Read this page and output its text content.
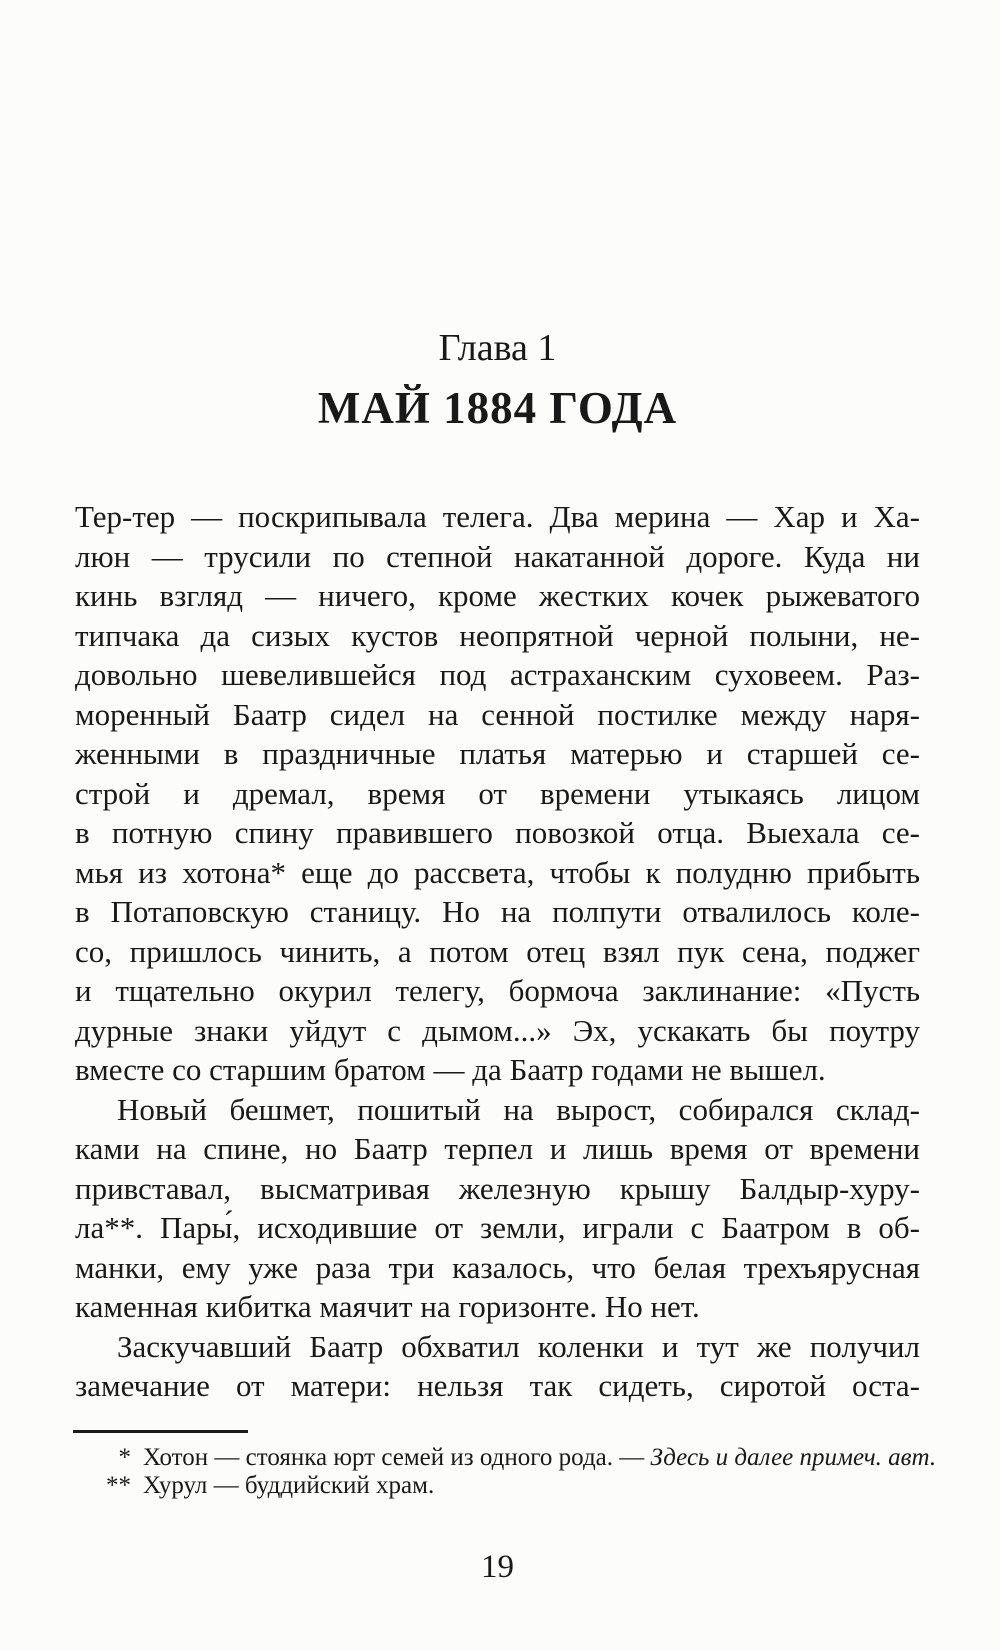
Глава 1
МАЙ 1884 ГОДА
Тер-тер — поскрипывала телега. Два мерина — Хар и Ха-
люн — трусили по степной накатанной дороге. Куда ни
кинь взгляд — ничего, кроме жестких кочек рыжеватого
типчака да сизых кустов неопрятной черной полыни, не-
довольно шевелившейся под астраханским суховеем. Раз-
моренный Баатр сидел на сенной постилке между наря-
женными в праздничные платья матерью и старшей се-
строй и дремал, время от времени утыкаясь лицом
в потную спину правившего повозкой отца. Выехала се-
мья из хотона* еще до рассвета, чтобы к полудню прибыть
в Потаповскую станицу. Но на полпути отвалилось коле-
со, пришлось чинить, а потом отец взял пук сена, поджег
и тщательно окурил телегу, бормоча заклинание: «Пусть
дурные знаки уйдут с дымом...» Эх, ускакать бы поутру
вместе со старшим братом — да Баатр годами не вышел.
Новый бешмет, пошитый на вырост, собирался склад-
ками на спине, но Баатр терпел и лишь время от времени
привставал, высматривая железную крышу Балдыр-хуру-
ла**. Пары́, исходившие от земли, играли с Баатром в об-
манки, ему уже раза три казалось, что белая трехъярусная
каменная кибитка маячит на горизонте. Но нет.
Заскучавший Баатр обхватил коленки и тут же получил
замечание от матери: нельзя так сидеть, сиротой оста-
* Хотон — стоянка юрт семей из одного рода. — Здесь и далее примеч. авт.
** Хурул — буддийский храм.
19
